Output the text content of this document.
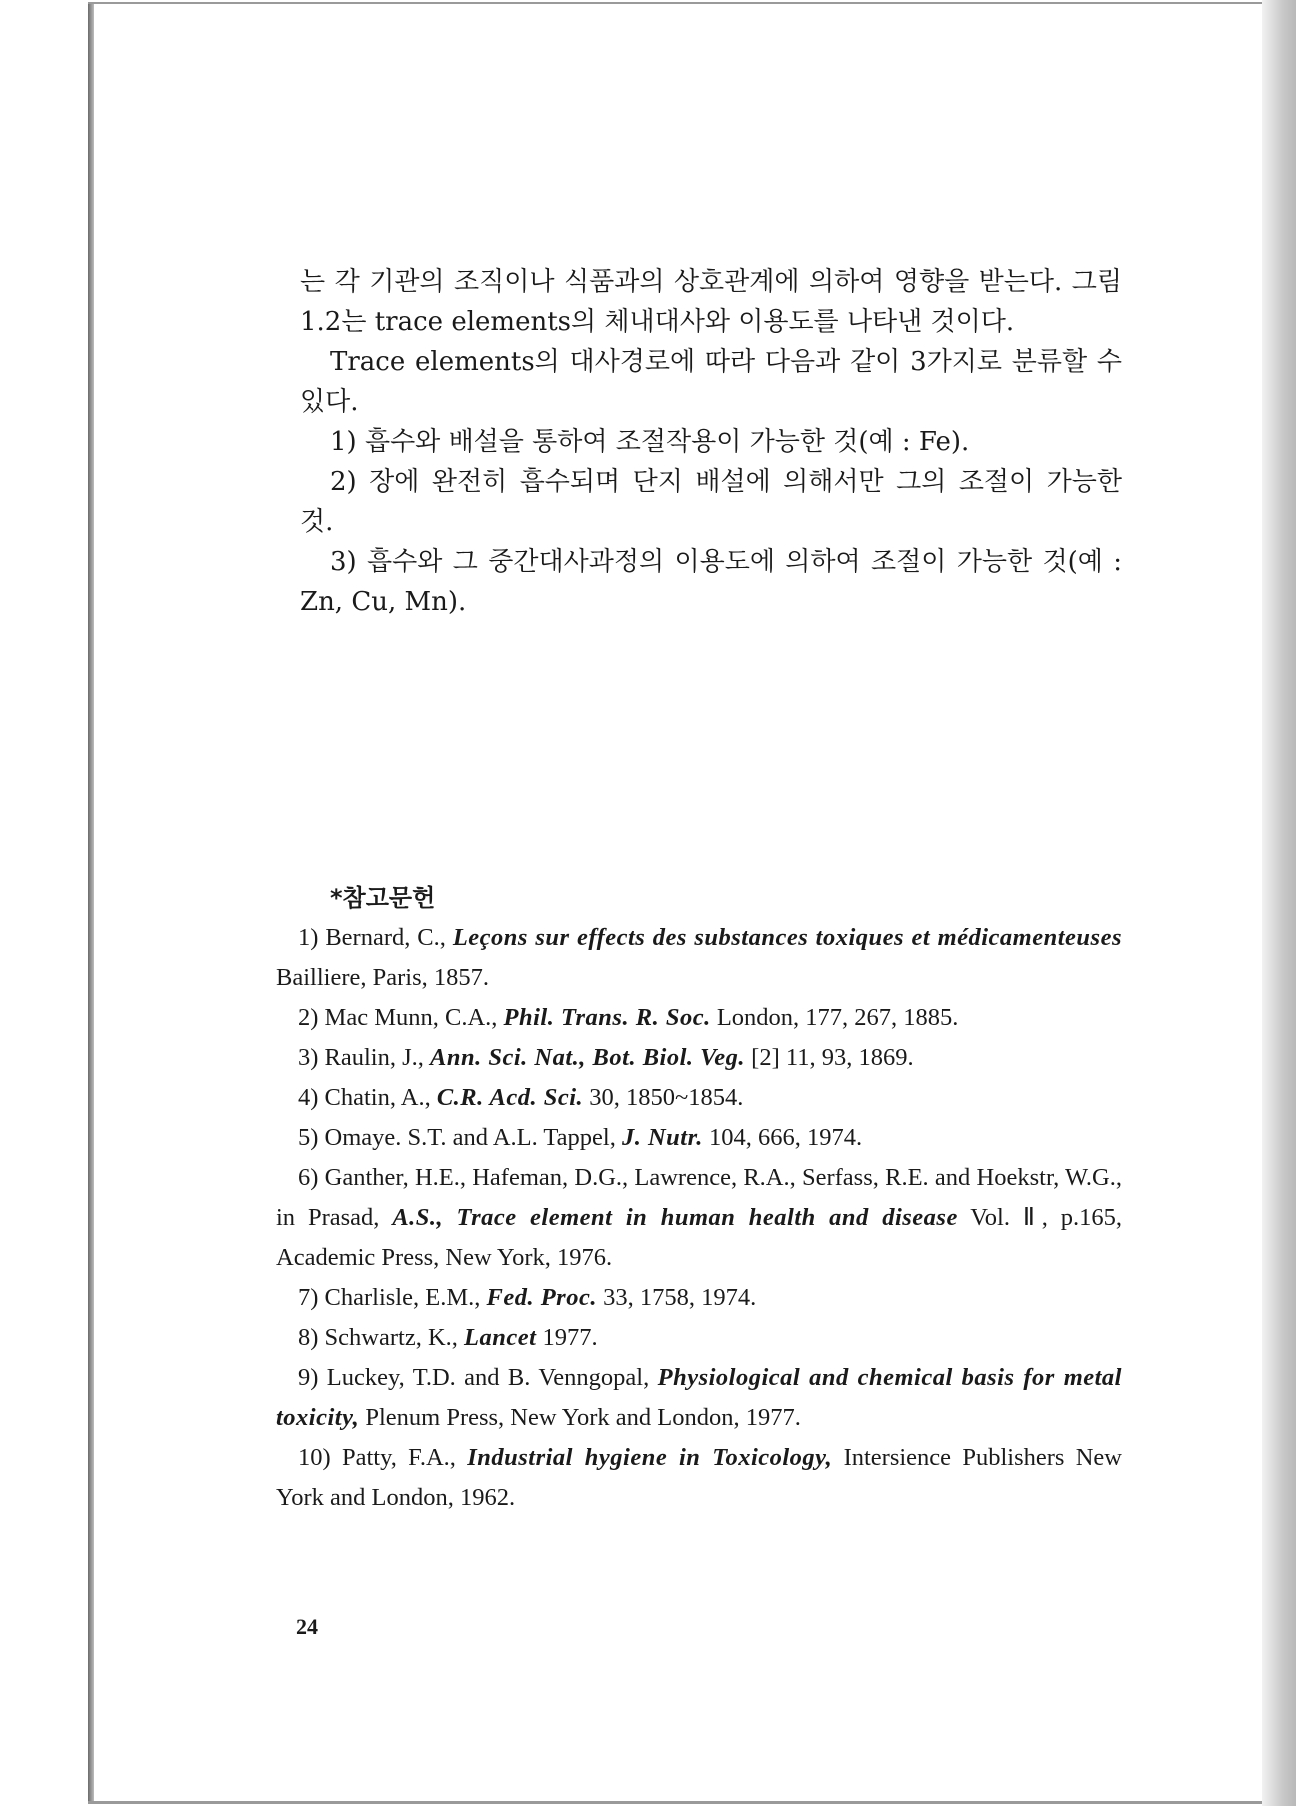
는 각 기관의 조직이나 식품과의 상호관계에 의하여 영향을 받는다. 그림 1.2는 trace elements의 체내대사와 이용도를 나타낸 것이다.

Trace elements의 대사경로에 따라 다음과 같이 3가지로 분류할 수 있다.

1) 흡수와 배설을 통하여 조절작용이 가능한 것(예 : Fe).

2) 장에 완전히 흡수되며 단지 배설에 의해서만 그의 조절이 가능한 것.

3) 흡수와 그 중간대사과정의 이용도에 의하여 조절이 가능한 것(예 : Zn, Cu, Mn).

*참고문헌

1) Bernard, C., Leçons sur effects des substances toxiques et médicamenteuses Bailliere, Paris, 1857.

2) Mac Munn, C.A., Phil. Trans. R. Soc. London, 177, 267, 1885.

3) Raulin, J., Ann. Sci. Nat., Bot. Biol. Veg. [2] 11, 93, 1869.

4) Chatin, A., C.R. Acd. Sci. 30, 1850~1854.

5) Omaye. S.T. and A.L. Tappel, J. Nutr. 104, 666, 1974.

6) Ganther, H.E., Hafeman, D.G., Lawrence, R.A., Serfass, R.E. and Hoekstr, W.G., in Prasad, A.S., Trace element in human health and disease Vol. Ⅱ, p.165, Academic Press, New York, 1976.

7) Charlisle, E.M., Fed. Proc. 33, 1758, 1974.

8) Schwartz, K., Lancet 1977.

9) Luckey, T.D. and B. Venngopal, Physiological and chemical basis for metal toxicity, Plenum Press, New York and London, 1977.

10) Patty, F.A., Industrial hygiene in Toxicology, Intersience Publishers New York and London, 1962.

24
